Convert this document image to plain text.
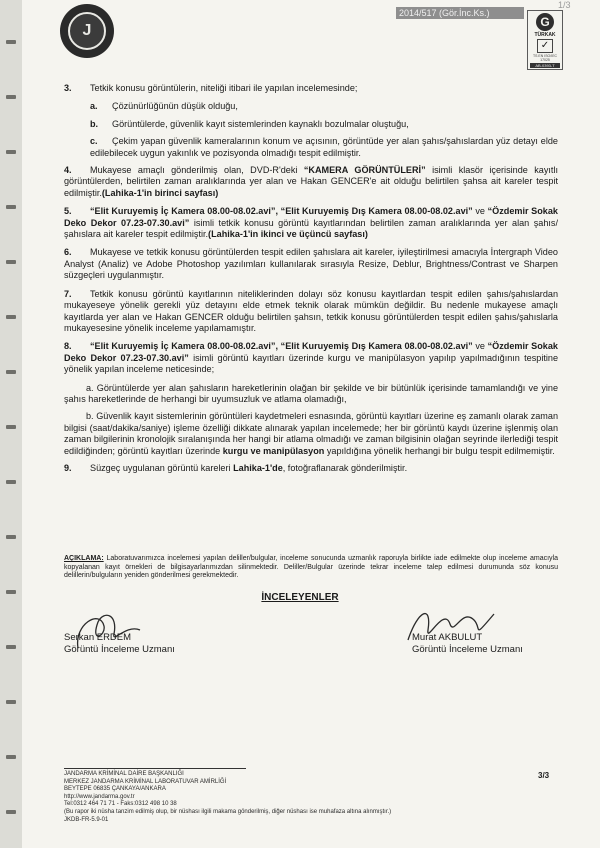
J
2014/517 (Gör.İnc.Ks.)
1/3
G
TÜRKAK
✓
TS EN ISO/IEC 17025
AB-0393-T
3. Tetkik konusu görüntülerin, niteliği itibari ile yapılan incelemesinde;
a. Çözünürlüğünün düşük olduğu,
b. Görüntülerde, güvenlik kayıt sistemlerinden kaynaklı bozulmalar oluştuğu,
c. Çekim yapan güvenlik kameralarının konum ve açısının, görüntüde yer alan şahıs/şahıslardan yüz detayı elde edilebilecek uygun yakınlık ve pozisyonda olmadığı tespit edilmiştir.
4. Mukayese amaçlı gönderilmiş olan, DVD-R'deki “KAMERA GÖRÜNTÜLERİ” isimli klasör içerisinde kayıtlı görüntülerden, belirtilen zaman aralıklarında yer alan ve Hakan GENCER'e ait olduğu belirtilen şahsa ait kareler tespit edilmiştir.(Lahika-1'in birinci sayfası)
5. “Elit Kuruyemiş İç Kamera 08.00-08.02.avi”, “Elit Kuruyemiş Dış Kamera 08.00-08.02.avi” ve “Özdemir Sokak Deko Dekor 07.23-07.30.avi” isimli tetkik konusu görüntü kayıtlarından belirtilen zaman aralıklarında yer alan şahıs/şahıslara ait kareler tespit edilmiştir.(Lahika-1'in ikinci ve üçüncü sayfası)
6. Mukayese ve tetkik konusu görüntülerden tespit edilen şahıslara ait kareler, iyileştirilmesi amacıyla İntergraph Video Analyst (Analiz) ve Adobe Photoshop yazılımları kullanılarak sırasıyla Resize, Deblur, Brightness/Contrast ve Sharpen süzgeçleri uygulanmıştır.
7. Tetkik konusu görüntü kayıtlarının niteliklerinden dolayı söz konusu kayıtlardan tespit edilen şahıs/şahıslardan mukayeseye yönelik gerekli yüz detayını elde etmek teknik olarak mümkün değildir. Bu nedenle mukayese amaçlı kayıtlarda yer alan ve Hakan GENCER olduğu belirtilen şahsın, tetkik konusu görüntülerden tespit edilen şahıs/şahıslarla mukayesesine yönelik inceleme yapılamamıştır.
8. “Elit Kuruyemiş İç Kamera 08.00-08.02.avi”, “Elit Kuruyemiş Dış Kamera 08.00-08.02.avi” ve “Özdemir Sokak Deko Dekor 07.23-07.30.avi” isimli görüntü kayıtları üzerinde kurgu ve manipülasyon yapılıp yapılmadığının tespitine yönelik yapılan inceleme neticesinde;
a. Görüntülerde yer alan şahısların hareketlerinin olağan bir şekilde ve bir bütünlük içerisinde tamamlandığı ve yine şahıs hareketlerinde de herhangi bir uyumsuzluk ve atlama olamadığı,
b. Güvenlik kayıt sistemlerinin görüntüleri kaydetmeleri esnasında, görüntü kayıtları üzerine eş zamanlı olarak zaman bilgisi (saat/dakika/saniye) işleme özelliği dikkate alınarak yapılan incelemede; her bir görüntü kaydı üzerine işlenmiş olan zaman bilgilerinin kronolojik sıralanışında her hangi bir atlama olmadığı ve zaman bilgisinin olağan seyrinde ilerlediği tespit edildiğinden; görüntü kayıtları üzerinde kurgu ve manipülasyon yapıldığına yönelik herhangi bir bulgu tespit edilmemiştir.
9. Süzgeç uygulanan görüntü kareleri Lahika-1'de, fotoğraflanarak gönderilmiştir.
AÇIKLAMA: Laboratuvarımızca incelemesi yapılan deliller/bulgular, inceleme sonucunda uzmanlık raporuyla birlikte iade edilmekte olup inceleme amacıyla kopyalanan kayıt örnekleri de bilgisayarlarımızdan silinmektedir. Deliller/Bulgular üzerinde tekrar inceleme talep edilmesi durumunda söz konusu delillerin/bulguların yeniden gönderilmesi gerekmektedir.
İNCELEYENLER
Serkan ERDEM
Görüntü İnceleme Uzmanı
Murat AKBULUT
Görüntü İnceleme Uzmanı
JANDARMA KRİMİNAL DAİRE BAŞKANLIĞI
MERKEZ JANDARMA KRİMİNAL LABORATUVAR AMİRLİĞİ
BEYTEPE 06835 ÇANKAYA/ANKARA
http://www.jandarma.gov.tr
Tel:0312 464 71 71 - Faks:0312 498 10 38
(Bu rapor iki nüsha tanzim edilmiş olup, bir nüshası ilgili makama gönderilmiş, diğer nüshası ise muhafaza altına alınmıştır.)
JKDB-FR-5.9-01
3/3
